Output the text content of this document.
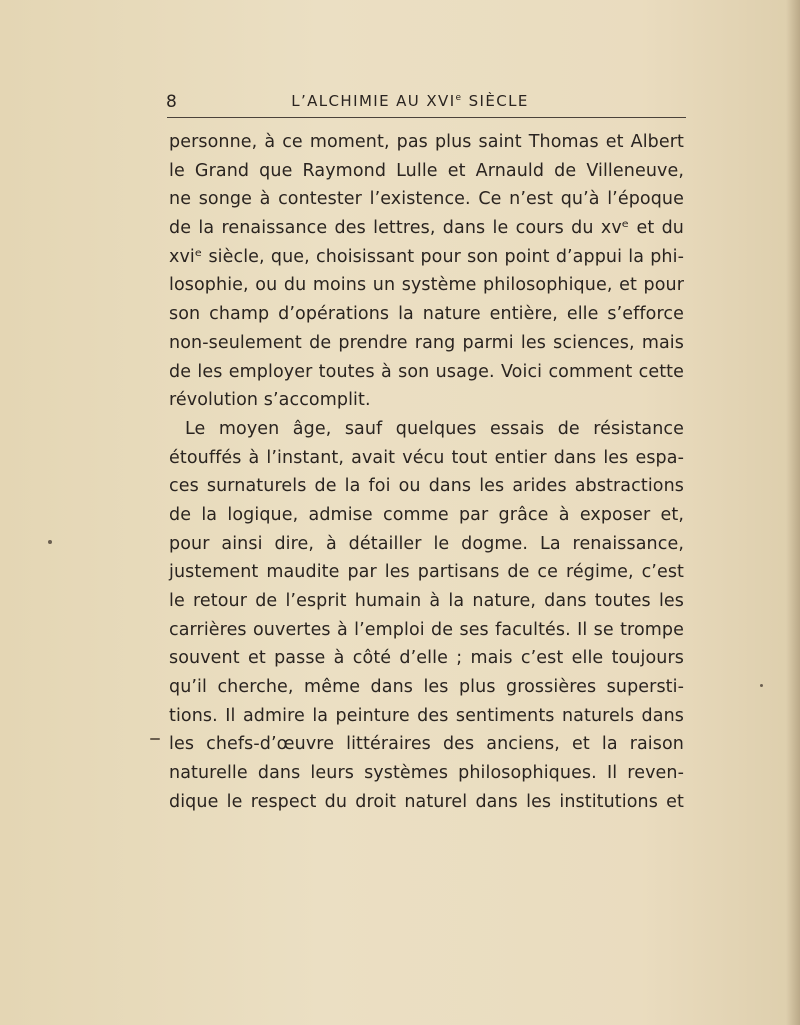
8	L’ALCHIMIE AU XVIe SIÈCLE
personne, à ce moment, pas plus saint Thomas et Albert
le Grand que Raymond Lulle et Arnauld de Villeneuve,
ne songe à contester l’existence. Ce n’est qu’à l’époque
de la renaissance des lettres, dans le cours du xvᵉ et du
xviᵉ siècle, que, choisissant pour son point d’appui la phi-
losophie, ou du moins un système philosophique, et pour
son champ d’opérations la nature entière, elle s’efforce
non-seulement de prendre rang parmi les sciences, mais
de les employer toutes à son usage. Voici comment cette
révolution s’accomplit.
Le moyen âge, sauf quelques essais de résistance
étouffés à l’instant, avait vécu tout entier dans les espa-
ces surnaturels de la foi ou dans les arides abstractions
de la logique, admise comme par grâce à exposer et,
pour ainsi dire, à détailler le dogme. La renaissance,
justement maudite par les partisans de ce régime, c’est
le retour de l’esprit humain à la nature, dans toutes les
carrières ouvertes à l’emploi de ses facultés. Il se trompe
souvent et passe à côté d’elle ; mais c’est elle toujours
qu’il cherche, même dans les plus grossières supersti-
tions. Il admire la peinture des sentiments naturels dans
les chefs-d’œuvre littéraires des anciens, et la raison
naturelle dans leurs systèmes philosophiques. Il reven-
dique le respect du droit naturel dans les institutions et
